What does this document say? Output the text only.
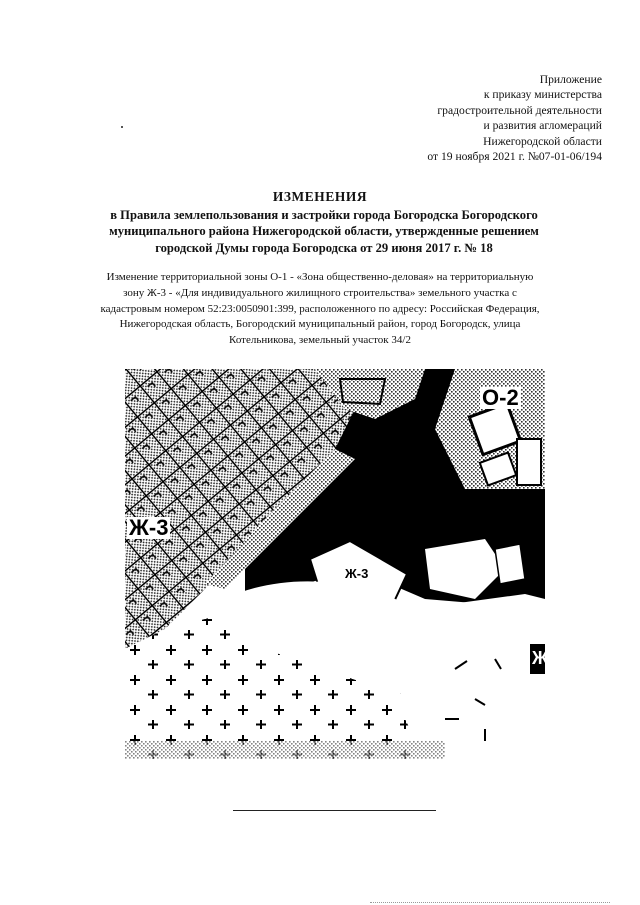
Приложение
к приказу министерства
градостроительной деятельности
и развития агломераций
Нижегородской области
от 19 ноября 2021 г. №07-01-06/194
ИЗМЕНЕНИЯ
в Правила землепользования и застройки города Богородска Богородского
муниципального района Нижегородской области, утвержденные решением
городской Думы города Богородска от 29 июня 2017 г. № 18
Изменение территориальной зоны О-1 - «Зона общественно-деловая» на территориальную
зону Ж-3 - «Для индивидуального жилищного строительства» земельного участка с
кадастровым номером 52:23:0050901:399, расположенного по адресу: Российская Федерация,
Нижегородская область, Богородский муниципальный район, город Богородск, улица
Котельникова, земельный участок 34/2
Ж-3
Ж-3
О-2
Ж
